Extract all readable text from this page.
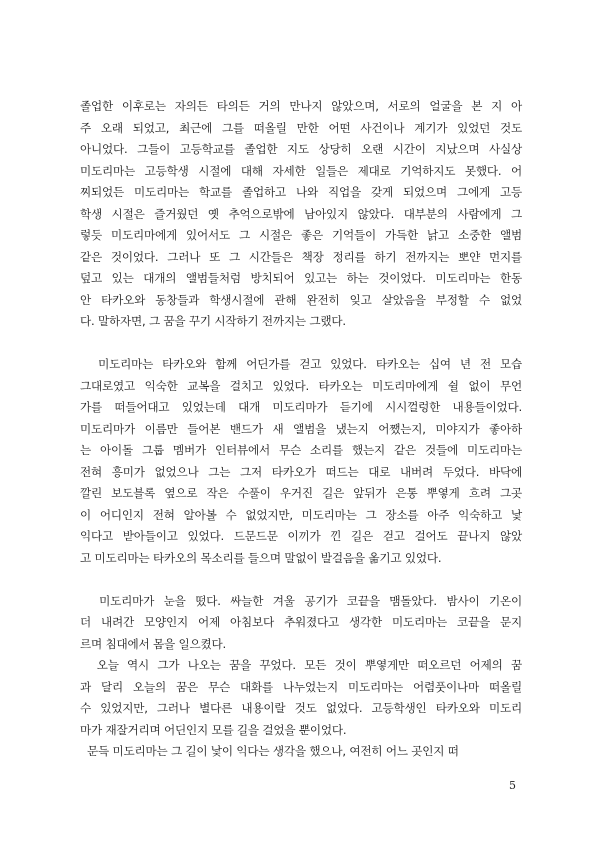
졸업한 이후로는 자의든 타의든 거의 만나지 않았으며, 서로의 얼굴을 본 지 아
주 오래 되었고, 최근에 그를 떠올릴 만한 어떤 사건이나 계기가 있었던 것도
아니었다. 그들이 고등학교를 졸업한 지도 상당히 오랜 시간이 지났으며 사실상
미도리마는 고등학생 시절에 대해 자세한 일들은 제대로 기억하지도 못했다. 어
찌되었든 미도리마는 학교를 졸업하고 나와 직업을 갖게 되었으며 그에게 고등
학생 시절은 즐거웠던 옛 추억으로밖에 남아있지 않았다. 대부분의 사람에게 그
렇듯 미도리마에게 있어서도 그 시절은 좋은 기억들이 가득한 낡고 소중한 앨범
같은 것이었다. 그러나 또 그 시간들은 책장 정리를 하기 전까지는 뽀얀 먼지를
덮고 있는 대개의 앨범들처럼 방치되어 있고는 하는 것이었다. 미도리마는 한동
안 타카오와 동창들과 학생시절에 관해 완전히 잊고 살았음을 부정할 수 없었
다. 말하자면, 그 꿈을 꾸기 시작하기 전까지는 그랬다.
미도리마는 타카오와 함께 어딘가를 걷고 있었다. 타카오는 십여 년 전 모습
그대로였고 익숙한 교복을 걸치고 있었다. 타카오는 미도리마에게 쉴 없이 무언
가를 떠들어대고 있었는데 대개 미도리마가 듣기에 시시껄렁한 내용들이었다.
미도리마가 이름만 들어본 밴드가 새 앨범을 냈는지 어쨌는지, 미야지가 좋아하
는 아이돌 그룹 멤버가 인터뷰에서 무슨 소리를 했는지 같은 것들에 미도리마는
전혀 흥미가 없었으나 그는 그저 타카오가 떠드는 대로 내버려 두었다. 바닥에
깔린 보도블록 옆으로 작은 수풀이 우거진 길은 앞뒤가 은통 뿌옇게 흐려 그곳
이 어디인지 전혀 알아볼 수 없었지만, 미도리마는 그 장소를 아주 익숙하고 낯
익다고 받아들이고 있었다. 드문드문 이끼가 낀 길은 걷고 걸어도 끝나지 않았
고 미도리마는 타카오의 목소리를 들으며 말없이 발걸음을 옮기고 있었다.
미도리마가 눈을 떴다. 싸늘한 겨울 공기가 코끝을 맴돌았다. 밤사이 기온이
더 내려간 모양인지 어제 아침보다 추워졌다고 생각한 미도리마는 코끝을 문지
르며 침대에서 몸을 일으켰다.
오늘 역시 그가 나오는 꿈을 꾸었다. 모든 것이 뿌옇게만 떠오르던 어제의 꿈
과 달리 오늘의 꿈은 무슨 대화를 나누었는지 미도리마는 어렴풋이나마 떠올릴
수 있었지만, 그러나 별다른 내용이랄 것도 없었다. 고등학생인 타카오와 미도리
마가 재잘거리며 어딘인지 모를 길을 걸었을 뿐이었다.
문득 미도리마는 그 길이 낯이 익다는 생각을 했으나, 여전히 어느 곳인지 떠
5
